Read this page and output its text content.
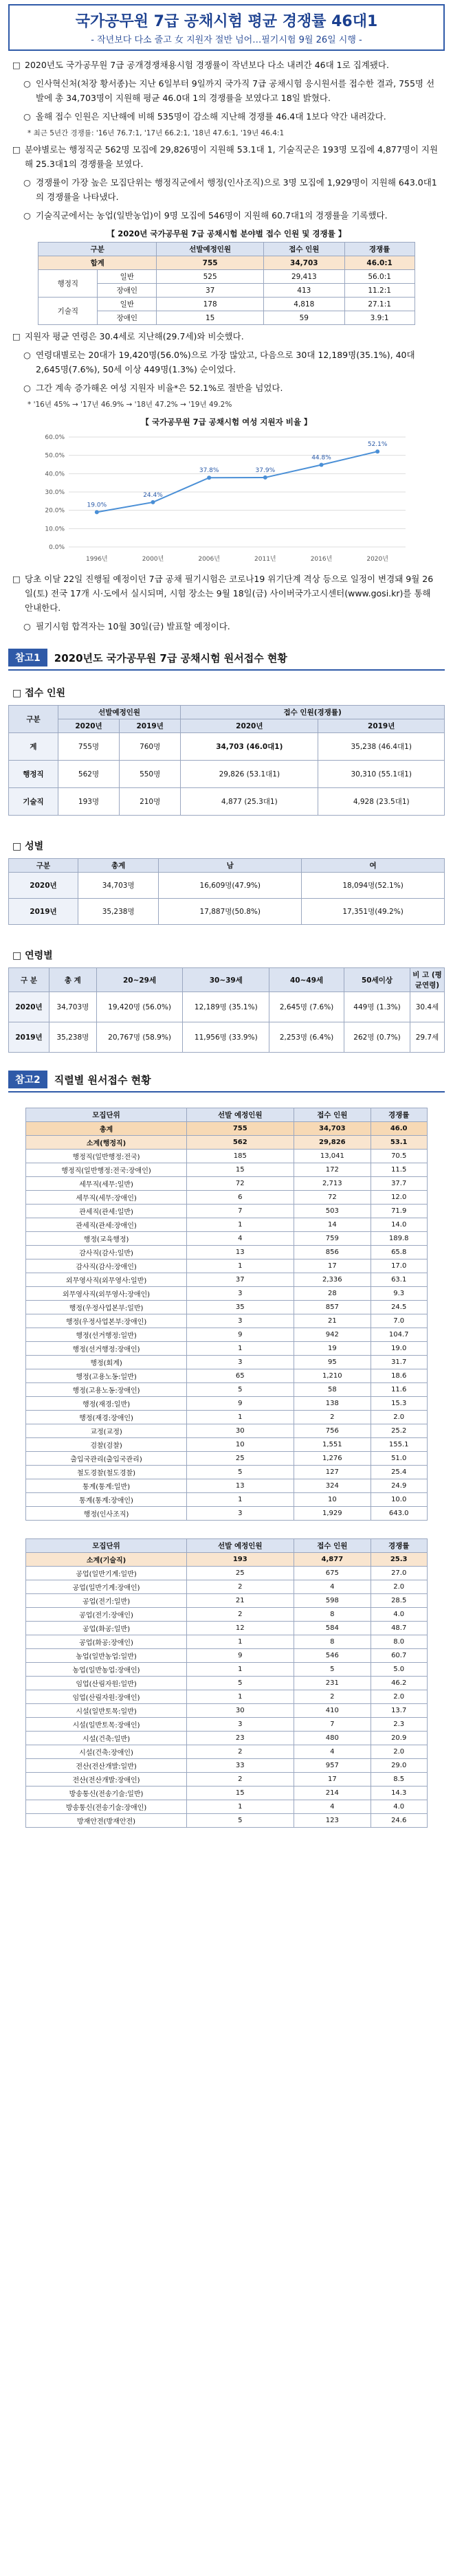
국가공무원 7급 공채시험 평균 경쟁률 46대1
- 작년보다 다소 줄고 女 지원자 절반 넘어…필기시험 9월 26일 시행 -
□ 2020년도 국가공무원 7급 공개경쟁채용시험 경쟁률이 작년보다 다소 내려간 46대 1로 집계됐다.
○ 인사혁신처(처장 황서종)는 지난 6일부터 9일까지 국가직 7급 공채시험 응시원서를 접수한 결과, 755명 선발에 총 34,703명이 지원해 평균 46.0대 1의 경쟁률을 보였다고 18일 밝혔다.
○ 올해 접수 인원은 지난해에 비해 535명이 감소해 지난해 경쟁률 46.4대 1보다 약간 내려갔다.
* 최근 5년간 경쟁률: '16년 76.7:1, '17년 66.2:1, '18년 47.6:1, '19년 46.4:1
□ 분야별로는 행정직군 562명 모집에 29,826명이 지원해 53.1대 1, 기술직군은 193명 모집에 4,877명이 지원해 25.3대1의 경쟁률을 보였다.
○ 경쟁률이 가장 높은 모집단위는 행정직군에서 행정(인사조직)으로 3명 모집에 1,929명이 지원해 643.0대1의 경쟁률을 나타냈다.
○ 기술직군에서는 농업(일반농업)이 9명 모집에 546명이 지원해 60.7대1의 경쟁률을 기록했다.
【 2020년 국가공무원 7급 공채시험 분야별 접수 인원 및 경쟁률 】
구분		선발예정인원	접수 인원	경쟁률
합계		755	34,703	46.0:1
행정직	일반	525	29,413	56.0:1
	장애인	37	413	11.2:1
기술직	일반	178	4,818	27.1:1
	장애인	15	59	3.9:1
□ 지원자 평균 연령은 30.4세로 지난해(29.7세)와 비슷했다.
○ 연령대별로는 20대가 19,420명(56.0%)으로 가장 많았고, 다음으로 30대 12,189명(35.1%), 40대 2,645명(7.6%), 50세 이상 449명(1.3%) 순이었다.
○ 그간 계속 증가해온 여성 지원자 비율*은 52.1%로 절반을 넘었다.
* '16년 45% → '17년 46.9% → '18년 47.2% → '19년 49.2%
【 국가공무원 7급 공채시험 여성 지원자 비율 】
60.0%
50.0%
40.0%
30.0%
20.0%
10.0%
0.0%
19.0%
1996년
24.4%
2000년
37.8%
2006년
37.9%
2011년
44.8%
2016년
52.1%
2020년
□ 당초 이달 22일 진행될 예정이던 7급 공채 필기시험은 코로나19 위기단계 격상 등으로 일정이 변경돼 9월 26일(토) 전국 17개 시·도에서 실시되며, 시험 장소는 9월 18일(금) 사이버국가고시센터(www.gosi.kr)를 통해 안내한다.
○ 필기시험 합격자는 10월 30일(금) 발표할 예정이다.
참고1	2020년도 국가공무원 7급 공채시험 원서접수 현황
□ 접수 인원
구분	선발예정인원		접수 인원(경쟁률)	
	2020년	2019년	2020년	2019년
계	755명	760명	34,703 (46.0대1)	35,238 (46.4대1)
행정직	562명	550명	29,826 (53.1대1)	30,310 (55.1대1)
기술직	193명	210명	4,877 (25.3대1)	4,928 (23.5대1)
□ 성별
구분	총계	남	여
2020년	34,703명	16,609명(47.9%)	18,094명(52.1%)
2019년	35,238명	17,887명(50.8%)	17,351명(49.2%)
□ 연령별
구 분	총 계	20~29세	30~39세	40~49세	50세이상	비 고 (평균연령)
2020년	34,703명	19,420명 (56.0%)	12,189명 (35.1%)	2,645명 (7.6%)	449명 (1.3%)	30.4세
2019년	35,238명	20,767명 (58.9%)	11,956명 (33.9%)	2,253명 (6.4%)	262명 (0.7%)	29.7세
참고2	직렬별 원서접수 현황
모집단위	선발 예정인원	접수 인원	경쟁률
총계	755	34,703	46.0
소계(행정직)	562	29,826	53.1
행정직(일반행정:전국)	185	13,041	70.5
행정직(일반행정:전국:장애인)	15	172	11.5
세무직(세무:일반)	72	2,713	37.7
세무직(세무:장애인)	6	72	12.0
관세직(관세:일반)	7	503	71.9
관세직(관세:장애인)	1	14	14.0
행정(교육행정)	4	759	189.8
감사직(감사:일반)	13	856	65.8
감사직(감사:장애인)	1	17	17.0
외무영사직(외무영사:일반)	37	2,336	63.1
외무영사직(외무영사:장애인)	3	28	9.3
행정(우정사업본부:일반)	35	857	24.5
행정(우정사업본부:장애인)	3	21	7.0
행정(선거행정:일반)	9	942	104.7
행정(선거행정:장애인)	1	19	19.0
행정(회계)	3	95	31.7
행정(고용노동:일반)	65	1,210	18.6
행정(고용노동:장애인)	5	58	11.6
행정(재경:일반)	9	138	15.3
행정(재경:장애인)	1	2	2.0
교정(교정)	30	756	25.2
검찰(검찰)	10	1,551	155.1
출입국관리(출입국관리)	25	1,276	51.0
철도경찰(철도경찰)	5	127	25.4
통계(통계:일반)	13	324	24.9
통계(통계:장애인)	1	10	10.0
행정(인사조직)	3	1,929	643.0
모집단위	선발 예정인원	접수 인원	경쟁률
소계(기술직)	193	4,877	25.3
공업(일반기계:일반)	25	675	27.0
공업(일반기계:장애인)	2	4	2.0
공업(전기:일반)	21	598	28.5
공업(전기:장애인)	2	8	4.0
공업(화공:일반)	12	584	48.7
공업(화공:장애인)	1	8	8.0
농업(일반농업:일반)	9	546	60.7
농업(일반농업:장애인)	1	5	5.0
임업(산림자원:일반)	5	231	46.2
임업(산림자원:장애인)	1	2	2.0
시설(일반토목:일반)	30	410	13.7
시설(일반토목:장애인)	3	7	2.3
시설(건축:일반)	23	480	20.9
시설(건축:장애인)	2	4	2.0
전산(전산개발:일반)	33	957	29.0
전산(전산개발:장애인)	2	17	8.5
방송통신(전송기술:일반)	15	214	14.3
방송통신(전송기술:장애인)	1	4	4.0
방재안전(방재안전)	5	123	24.6
